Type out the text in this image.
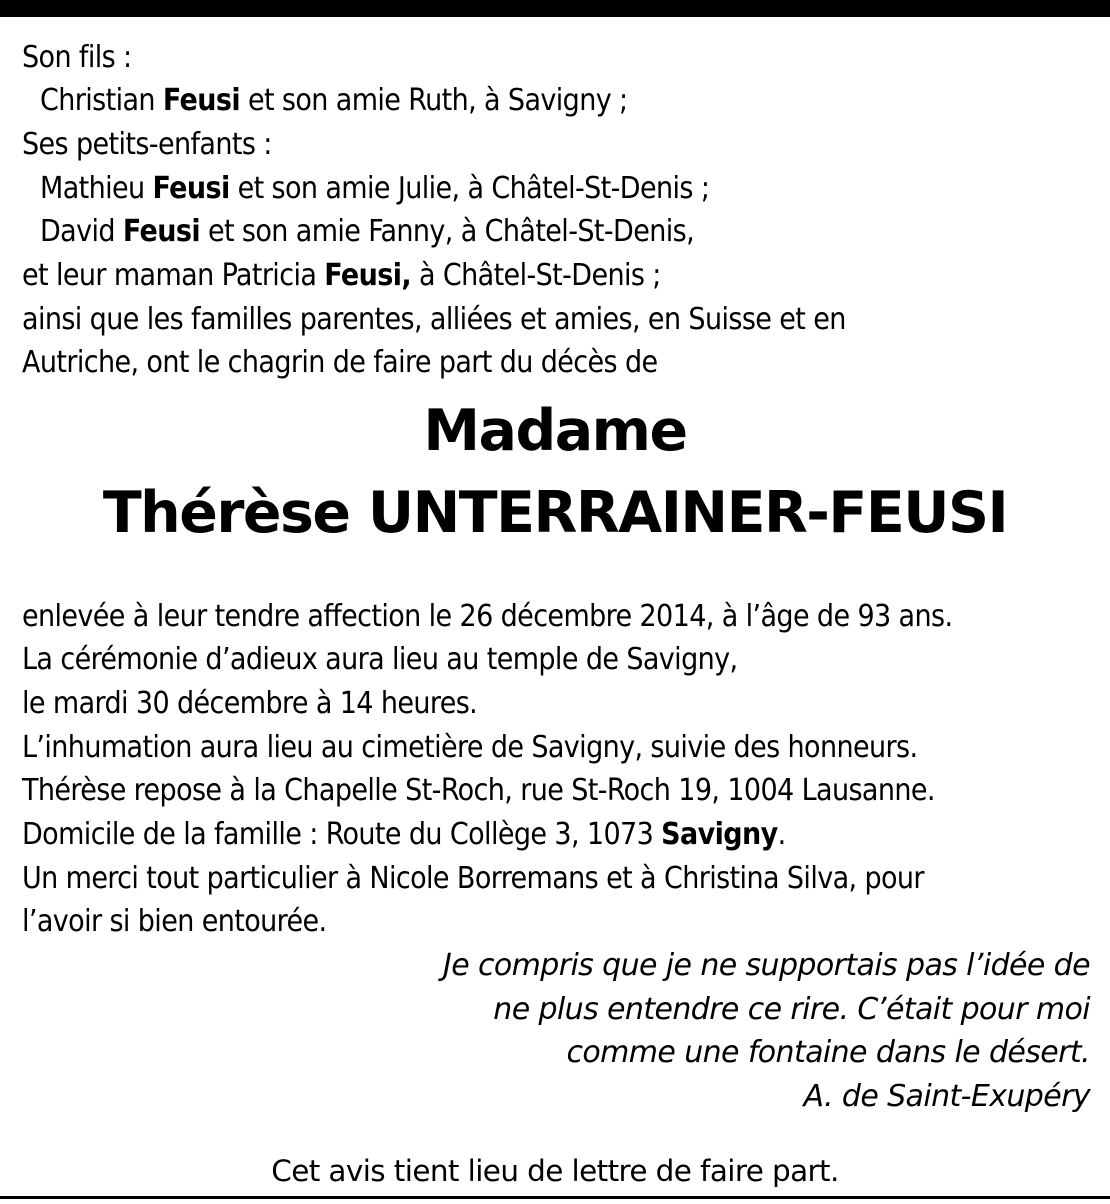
Son fils :
Christian Feusi et son amie Ruth, à Savigny ;
Ses petits-enfants :
Mathieu Feusi et son amie Julie, à Châtel-St-Denis ;
David Feusi et son amie Fanny, à Châtel-St-Denis,
et leur maman Patricia Feusi, à Châtel-St-Denis ;
ainsi que les familles parentes, alliées et amies, en Suisse et en
Autriche, ont le chagrin de faire part du décès de
Madame
Thérèse UNTERRAINER-FEUSI
enlevée à leur tendre affection le 26 décembre 2014, à l’âge de 93 ans.
La cérémonie d’adieux aura lieu au temple de Savigny,
le mardi 30 décembre à 14 heures.
L’inhumation aura lieu au cimetière de Savigny, suivie des honneurs.
Thérèse repose à la Chapelle St-Roch, rue St-Roch 19, 1004 Lausanne.
Domicile de la famille : Route du Collège 3, 1073 Savigny.
Un merci tout particulier à Nicole Borremans et à Christina Silva, pour
l’avoir si bien entourée.
Je compris que je ne supportais pas l’idée de
ne plus entendre ce rire. C’était pour moi
comme une fontaine dans le désert.
A. de Saint-Exupéry
Cet avis tient lieu de lettre de faire part.
